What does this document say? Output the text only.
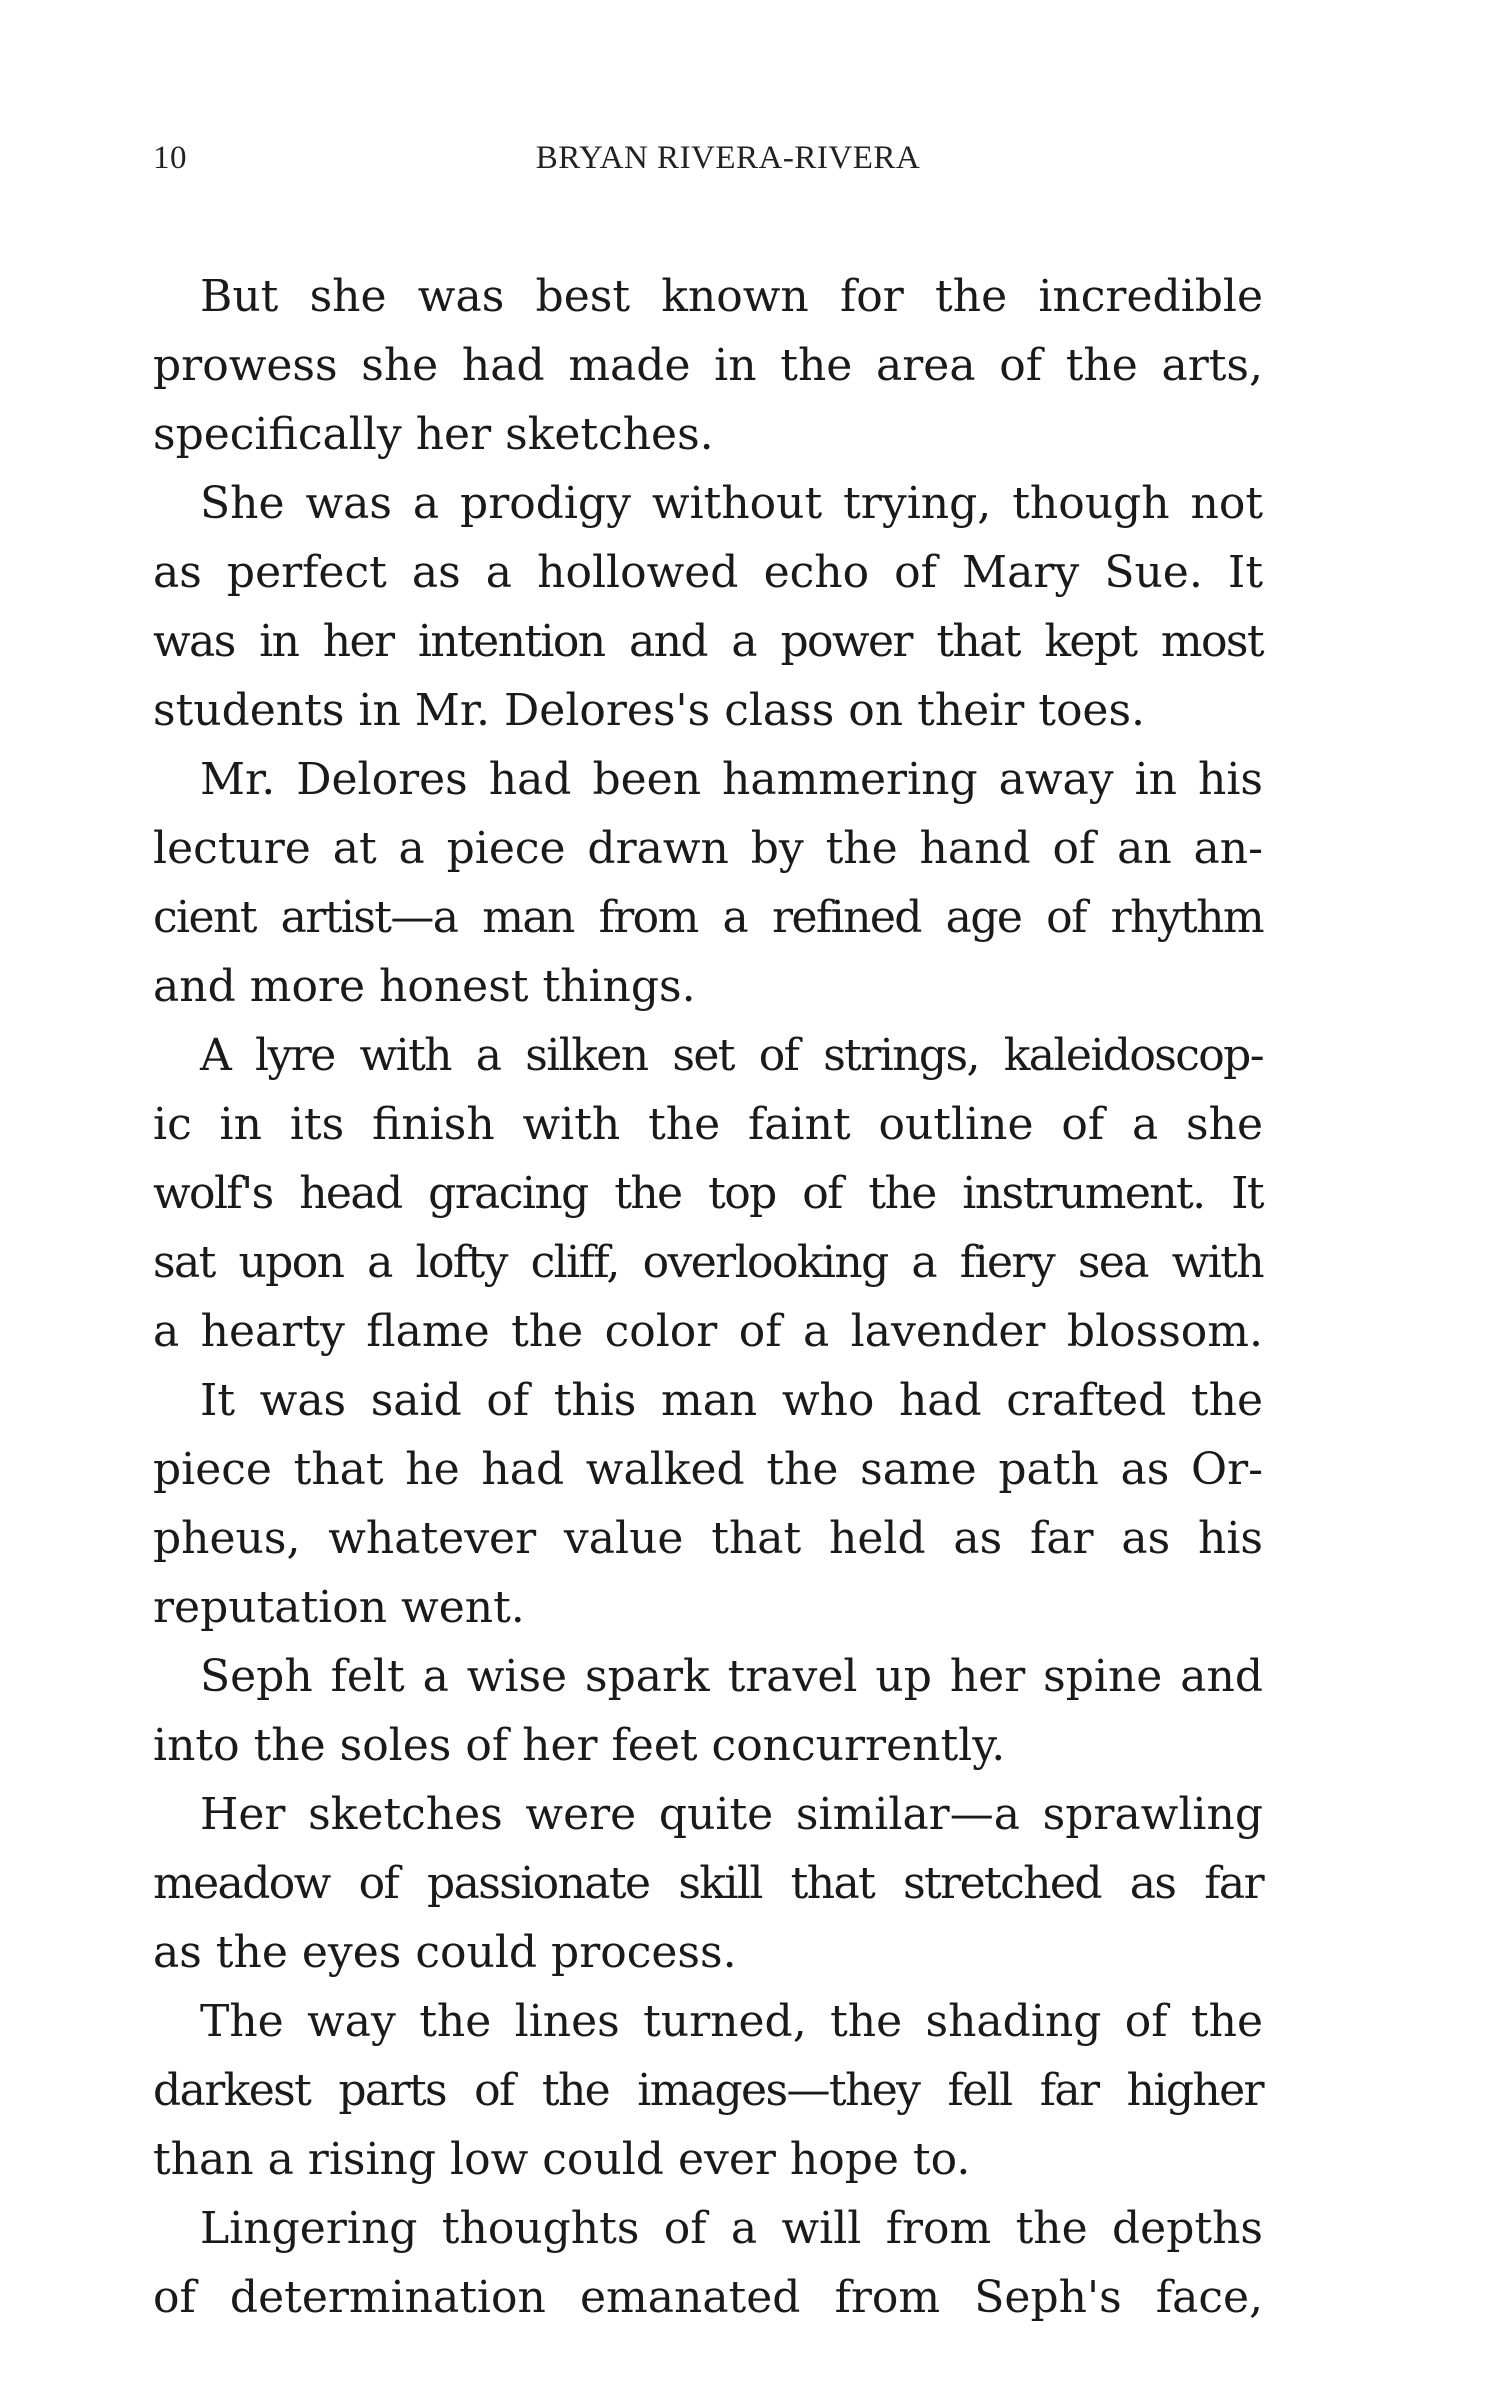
10	BRYAN RIVERA-RIVERA
But she was best known for the incredible
prowess she had made in the area of the arts,
specifically her sketches.
She was a prodigy without trying, though not
as perfect as a hollowed echo of Mary Sue. It
was in her intention and a power that kept most
students in Mr. Delores's class on their toes.
Mr. Delores had been hammering away in his
lecture at a piece drawn by the hand of an an-
cient artist—a man from a refined age of rhythm
and more honest things.
A lyre with a silken set of strings, kaleidoscop-
ic in its finish with the faint outline of a she
wolf's head gracing the top of the instrument. It
sat upon a lofty cliff, overlooking a fiery sea with
a hearty flame the color of a lavender blossom.
It was said of this man who had crafted the
piece that he had walked the same path as Or-
pheus, whatever value that held as far as his
reputation went.
Seph felt a wise spark travel up her spine and
into the soles of her feet concurrently.
Her sketches were quite similar—a sprawling
meadow of passionate skill that stretched as far
as the eyes could process.
The way the lines turned, the shading of the
darkest parts of the images—they fell far higher
than a rising low could ever hope to.
Lingering thoughts of a will from the depths
of determination emanated from Seph's face,
